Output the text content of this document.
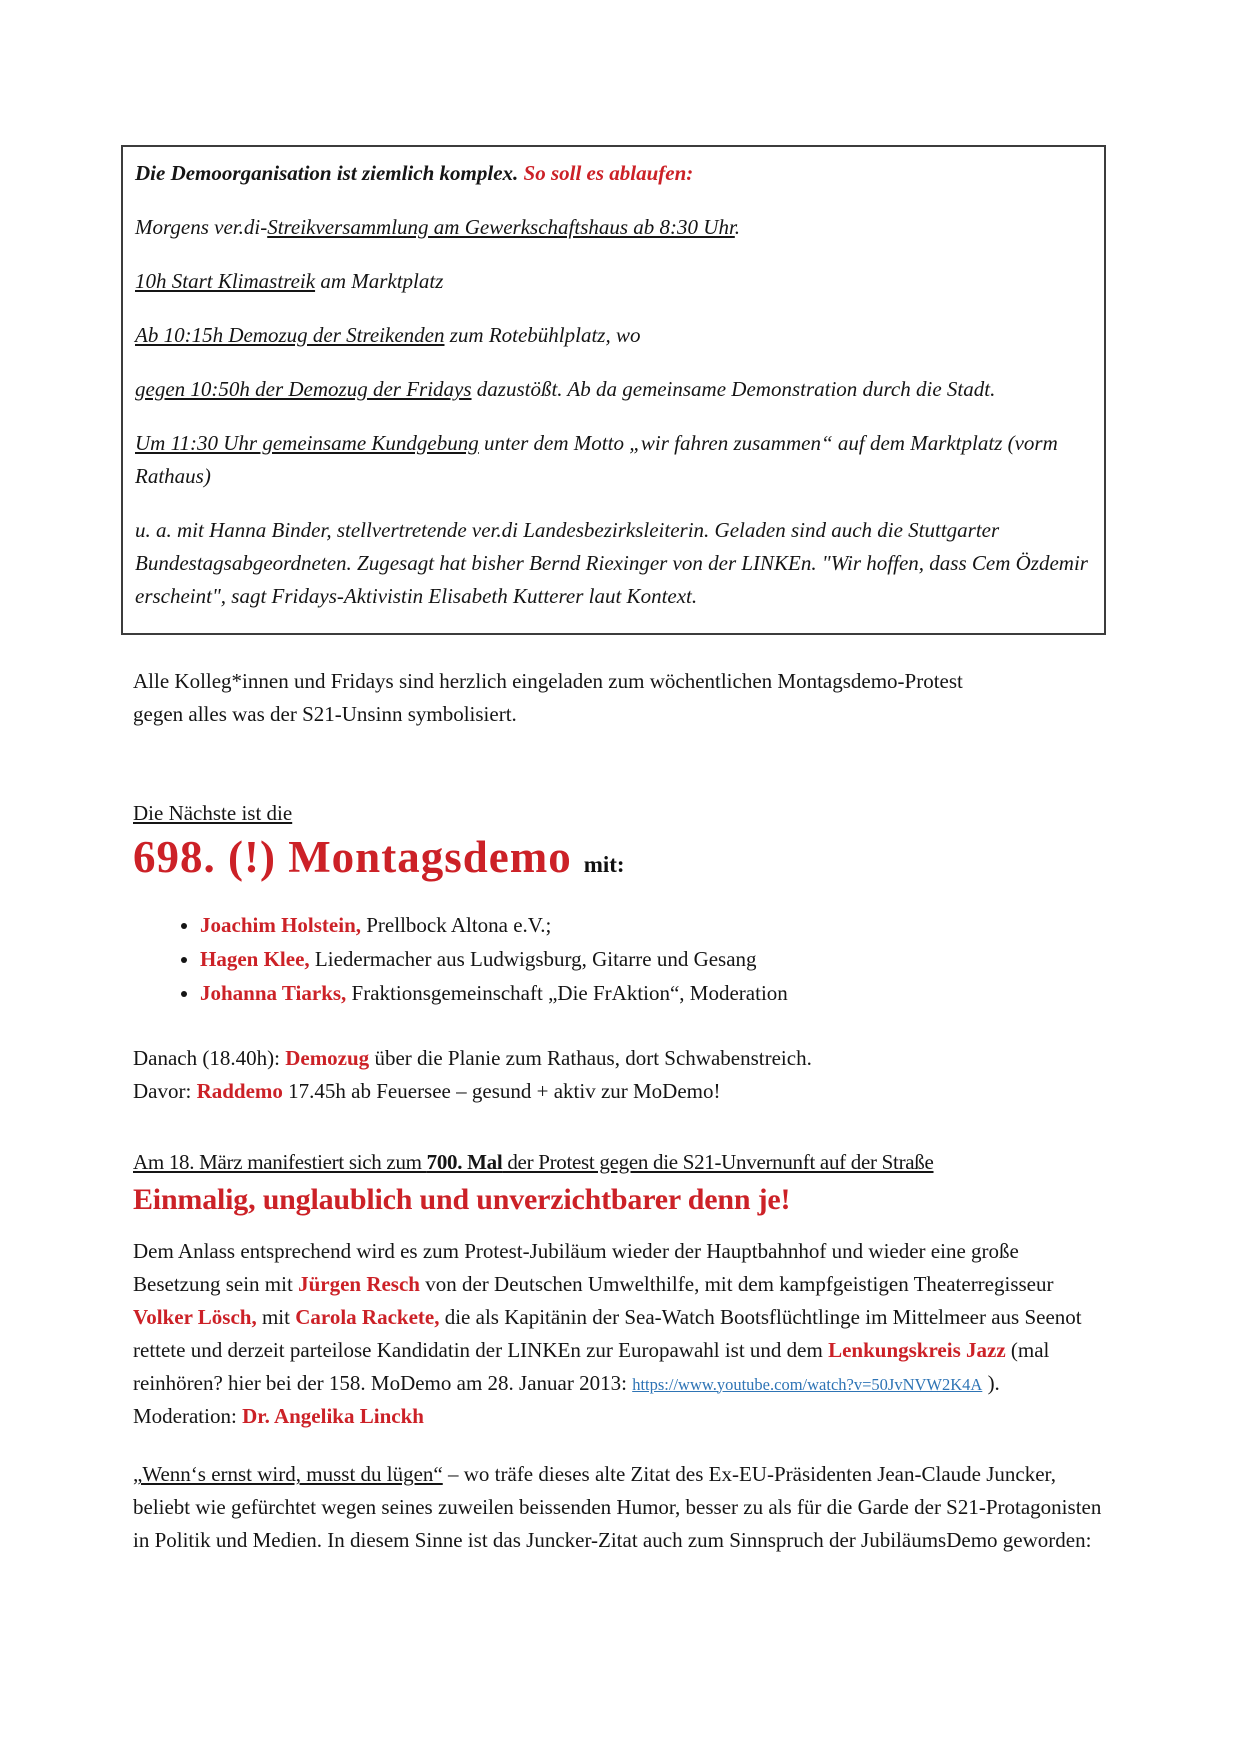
Die Demoorganisation ist ziemlich komplex. So soll es ablaufen:

Morgens ver.di-Streikversammlung am Gewerkschaftshaus ab 8:30 Uhr.

10h Start Klimastreik am Marktplatz

Ab 10:15h Demozug der Streikenden zum Rotebühlplatz, wo

gegen 10:50h der Demozug der Fridays dazustößt. Ab da gemeinsame Demonstration durch die Stadt.

Um 11:30 Uhr gemeinsame Kundgebung unter dem Motto „wir fahren zusammen“ auf dem Marktplatz (vorm Rathaus)

u. a. mit Hanna Binder, stellvertretende ver.di Landesbezirksleiterin. Geladen sind auch die Stuttgarter Bundestagsabgeordneten. Zugesagt hat bisher Bernd Riexinger von der LINKEn. "Wir hoffen, dass Cem Özdemir erscheint", sagt Fridays-Aktivistin Elisabeth Kutterer laut Kontext.

Alle Kolleg*innen und Fridays sind herzlich eingeladen zum wöchentlichen Montagsdemo-Protest gegen alles was der S21-Unsinn symbolisiert.

Die Nächste ist die

698. (!) Montagsdemo mit:
• Joachim Holstein, Prellbock Altona e.V.;
• Hagen Klee, Liedermacher aus Ludwigsburg, Gitarre und Gesang
• Johanna Tiarks, Fraktionsgemeinschaft „Die FrAktion“, Moderation

Danach (18.40h): Demozug über die Planie zum Rathaus, dort Schwabenstreich.

Davor: Raddemo 17.45h ab Feuersee – gesund + aktiv zur MoDemo!

Am 18. März manifestiert sich zum 700. Mal der Protest gegen die S21-Unvernunft auf der Straße

Einmalig, unglaublich und unverzichtbarer denn je!

Dem Anlass entsprechend wird es zum Protest-Jubiläum wieder der Hauptbahnhof und wieder eine große Besetzung sein mit Jürgen Resch von der Deutschen Umwelthilfe, mit dem kampfgeistigen Theaterregisseur Volker Lösch, mit Carola Rackete, die als Kapitänin der Sea-Watch Bootsflüchtlinge im Mittelmeer aus Seenot rettete und derzeit parteilose Kandidatin der LINKEn zur Europawahl ist und dem Lenkungskreis Jazz (mal reinhören? hier bei der 158. MoDemo am 28. Januar 2013: https://www.youtube.com/watch?v=50JvNVW2K4A ). Moderation: Dr. Angelika Linckh

„Wenn‘s ernst wird, musst du lügen“ – wo träfe dieses alte Zitat des Ex-EU-Präsidenten Jean-Claude Juncker, beliebt wie gefürchtet wegen seines zuweilen beissenden Humor, besser zu als für die Garde der S21-Protagonisten in Politik und Medien. In diesem Sinne ist das Juncker-Zitat auch zum Sinnspruch der JubiläumsDemo geworden:
